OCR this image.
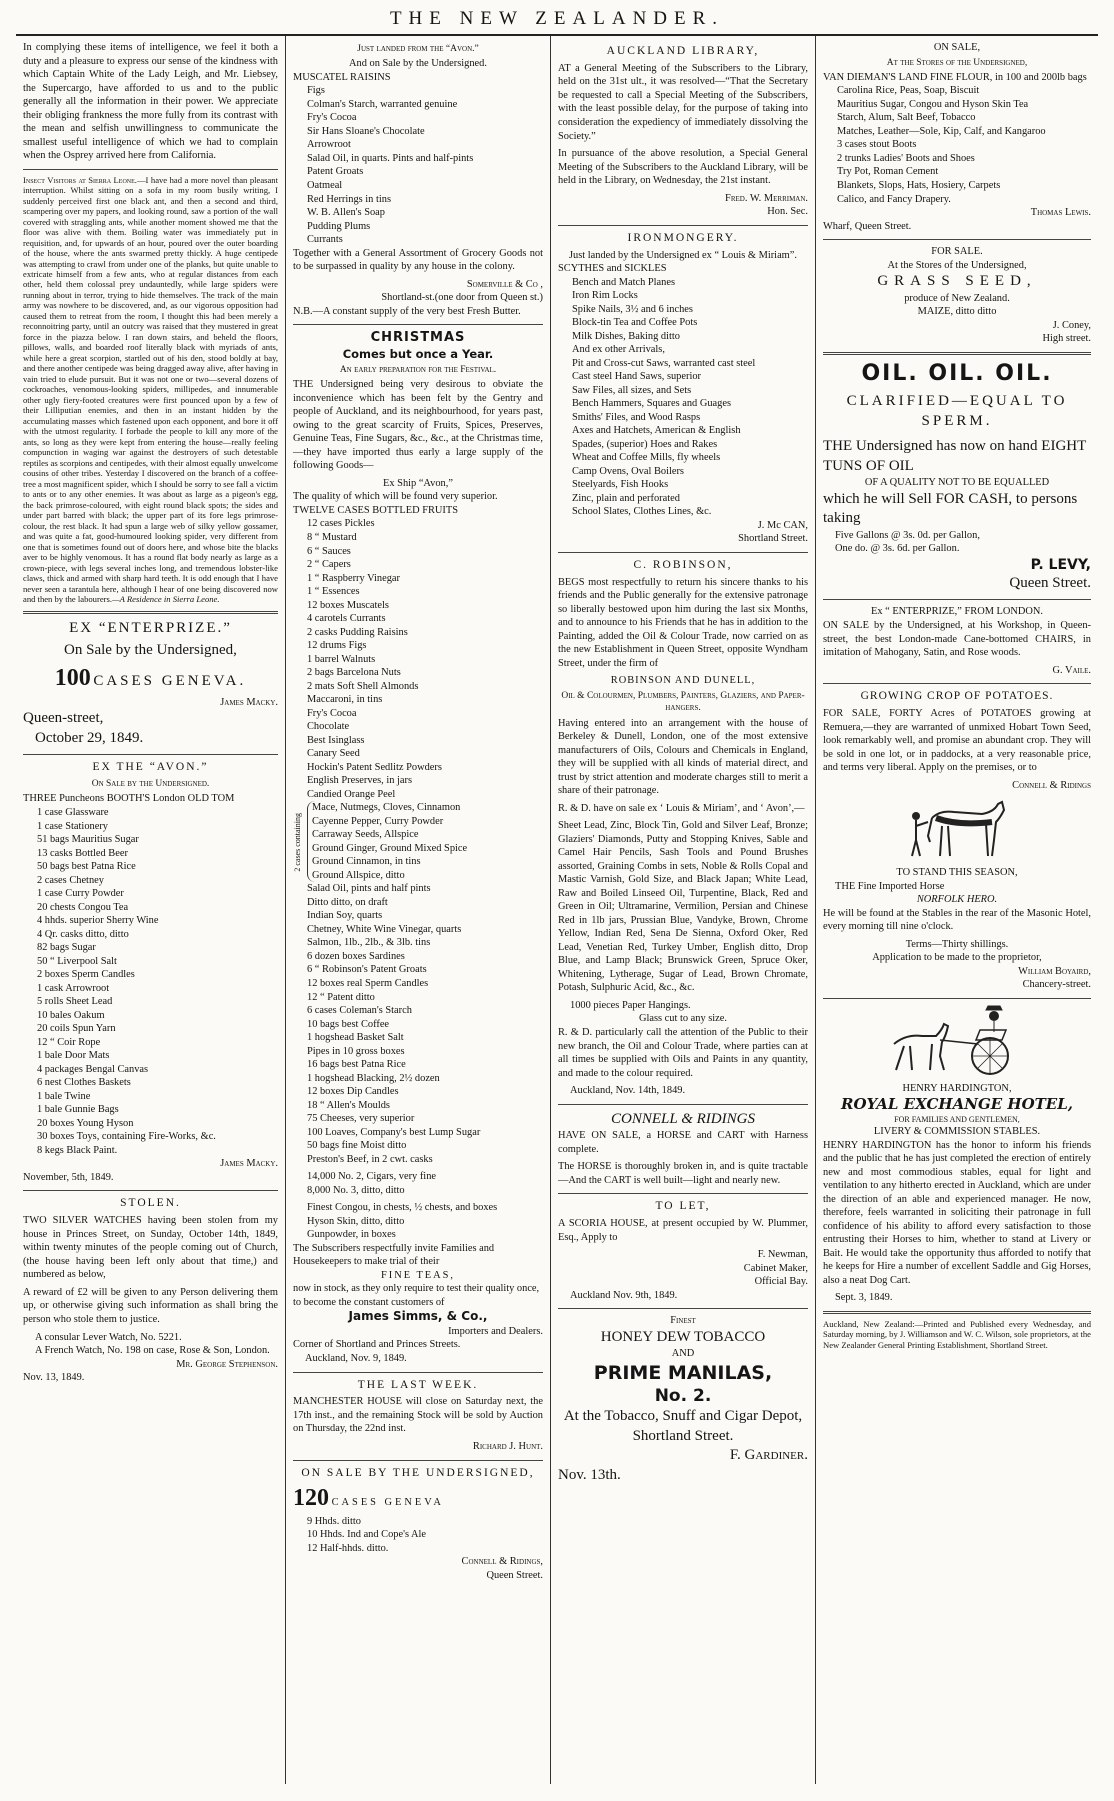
THE NEW ZEALANDER.

In complying these items of intelligence, we feel it both a duty and a pleasure to express our sense of the kindness with which Captain White of the Lady Leigh, and Mr. Liebsey, the Supercargo, have afforded to us and to the public generally all the information in their power. We appreciate their obliging frankness the more fully from its contrast with the mean and selfish unwillingness to communicate the smallest useful intelligence of which we had to complain when the Osprey arrived here from California.

Insect Visitors at Sierra Leone.—I have had a more novel than pleasant interruption. Whilst sitting on a sofa in my room busily writing, I suddenly perceived first one black ant, and then a second and third, scampering over my papers, and looking round, saw a portion of the wall covered with straggling ants, while another moment showed me that the floor was alive with them. Boiling water was immediately put in requisition, and, for upwards of an hour, poured over the outer boarding of the house, where the ants swarmed pretty thickly. A huge centipede was attempting to crawl from under one of the planks, but quite unable to extricate himself from a few ants, who at regular distances from each other, held them colossal prey undauntedly, while large spiders were running about in terror, trying to hide themselves. The track of the main army was nowhere to be discovered, and, as our vigorous opposition had caused them to retreat from the room, I thought this had been merely a reconnoitring party, until an outcry was raised that they mustered in great force in the piazza below. I ran down stairs, and beheld the floors, pillows, walls, and boarded roof literally black with myriads of ants, while here a great scorpion, startled out of his den, stood boldly at bay, and there another centipede was being dragged away alive, after having in vain tried to elude pursuit. But it was not one or two—several dozens of cockroaches, venomous-looking spiders, millipedes, and innumerable other ugly fiery-footed creatures were first pounced upon by a few of their Lilliputian enemies, and then in an instant hidden by the accumulating masses which fastened upon each opponent, and bore it off with the utmost regularity. I forbade the people to kill any more of the ants, so long as they were kept from entering the house—really feeling compunction in waging war against the destroyers of such detestable reptiles as scorpions and centipedes, with their almost equally unwelcome cousins of other tribes. Yesterday I discovered on the branch of a coffee-tree a most magnificent spider, which I should be sorry to see fall a victim to ants or to any other enemies. It was about as large as a pigeon's egg, the back primrose-coloured, with eight round black spots; the sides and under part barred with black; the upper part of its fore legs primrose-colour, the rest black. It had spun a large web of silky yellow gossamer, and was quite a fat, good-humoured looking spider, very different from one that is sometimes found out of doors here, and whose bite the blacks aver to be highly venomous. It has a round flat body nearly as large as a crown-piece, with legs several inches long, and tremendous lobster-like claws, thick and armed with sharp hard teeth. It is odd enough that I have never seen a tarantula here, although I hear of one being discovered now and then by the labourers.—A Residence in Sierra Leone.

EX “ENTERPRIZE.”
On Sale by the Undersigned,
100 CASES GENEVA.
James Macky.
Queen-street,
October 29, 1849.
EX THE “AVON.”
On Sale by the Undersigned.
THREE Puncheons BOOTH'S London OLD TOM
1 case Glassware
1 case Stationery
51 bags Mauritius Sugar
13 casks Bottled Beer
50 bags best Patna Rice
2 cases Chetney
1 case Curry Powder
20 chests Congou Tea
4 hhds. superior Sherry Wine
4 Qr. casks ditto, ditto
82 bags Sugar
50 “ Liverpool Salt
2 boxes Sperm Candles
1 cask Arrowroot
5 rolls Sheet Lead
10 bales Oakum
20 coils Spun Yarn
12 “ Coir Rope
1 bale Door Mats
4 packages Bengal Canvas
6 nest Clothes Baskets
1 bale Twine
1 bale Gunnie Bags
20 boxes Young Hyson
30 boxes Toys, containing Fire-Works, &c.
8 kegs Black Paint.
James Macky.
November, 5th, 1849.
STOLEN.

TWO SILVER WATCHES having been stolen from my house in Princes Street, on Sunday, October 14th, 1849, within twenty minutes of the people coming out of Church, (the house having been left only about that time,) and numbered as below,

A reward of £2 will be given to any Person delivering them up, or otherwise giving such information as shall bring the person who stole them to justice.

A consular Lever Watch, No. 5221.
A French Watch, No. 198 on case, Rose & Son, London.
Mr. George Stephenson.
Nov. 13, 1849.
Just landed from the “Avon.”
And on Sale by the Undersigned.
MUSCATEL RAISINS
Figs
Colman's Starch, warranted genuine
Fry's Cocoa
Sir Hans Sloane's Chocolate
Arrowroot
Salad Oil, in quarts. Pints and half-pints
Patent Groats
Oatmeal
Red Herrings in tins
W. B. Allen's Soap
Pudding Plums
Currants

Together with a General Assortment of Grocery Goods not to be surpassed in quality by any house in the colony.

Somerville & Co ,
Shortland-st.(one door from Queen st.)

N.B.—A constant supply of the very best Fresh Butter.

CHRISTMAS
Comes but once a Year.
An early preparation for the Festival.

THE Undersigned being very desirous to obviate the inconvenience which has been felt by the Gentry and people of Auckland, and its neighbourhood, for years past, owing to the great scarcity of Fruits, Spices, Preserves, Genuine Teas, Fine Sugars, &c., &c., at the Christmas time,—they have imported thus early a large supply of the following Goods—

Ex Ship “Avon,”
The quality of which will be found very superior.
TWELVE CASES BOTTLED FRUITS
12 cases Pickles
8 “ Mustard
6 “ Sauces
2 “ Capers
1 “ Raspberry Vinegar
1 “ Essences
12 boxes Muscatels
4 carotels Currants
2 casks Pudding Raisins
12 drums Figs
1 barrel Walnuts
2 bags Barcelona Nuts
2 mats Soft Shell Almonds
Maccaroni, in tins
Fry's Cocoa
Chocolate
Best Isinglass
Canary Seed
Hockin's Patent Sedlitz Powders
English Preserves, in jars
Candied Orange Peel
2 cases containing
Mace, Nutmegs, Cloves, Cinnamon
Cayenne Pepper, Curry Powder
Carraway Seeds, Allspice
Ground Ginger, Ground Mixed Spice
Ground Cinnamon, in tins
Ground Allspice, ditto
Salad Oil, pints and half pints
Ditto ditto, on draft
Indian Soy, quarts
Chetney, White Wine Vinegar, quarts
Salmon, 1lb., 2lb., & 3lb. tins
6 dozen boxes Sardines
6 “ Robinson's Patent Groats
12 boxes real Sperm Candles
12 “ Patent ditto
6 cases Coleman's Starch
10 bags best Coffee
1 hogshead Basket Salt
Pipes in 10 gross boxes
16 bags best Patna Rice
1 hogshead Blacking, 2½ dozen
12 boxes Dip Candles
18 “ Allen's Moulds
75 Cheeses, very superior
100 Loaves, Company's best Lump Sugar
50 bags fine Moist ditto
Preston's Beef, in 2 cwt. casks
14,000 No. 2, Cigars, very fine
8,000 No. 3, ditto, ditto
Finest Congou, in chests, ½ chests, and boxes
Hyson Skin, ditto, ditto
Gunpowder, in boxes
The Subscribers respectfully invite Families and Housekeepers to make trial of their
FINE TEAS,
now in stock, as they only require to test their quality once, to become the constant customers of
James Simms, & Co.,
Importers and Dealers.
Corner of Shortland and Princes Streets.
Auckland, Nov. 9, 1849.
THE LAST WEEK.

MANCHESTER HOUSE will close on Saturday next, the 17th inst., and the remaining Stock will be sold by Auction on Thursday, the 22nd inst.

Richard J. Hunt.
ON SALE BY THE UNDERSIGNED,
120 CASES GENEVA
9 Hhds. ditto
10 Hhds. Ind and Cope's Ale
12 Half-hhds. ditto.
Connell & Ridings,
Queen Street.
AUCKLAND LIBRARY,

AT a General Meeting of the Subscribers to the Library, held on the 31st ult., it was resolved—“That the Secretary be requested to call a Special Meeting of the Subscribers, with the least possible delay, for the purpose of taking into consideration the expediency of immediately dissolving the Society.”

In pursuance of the above resolution, a Special General Meeting of the Subscribers to the Auckland Library, will be held in the Library, on Wednesday, the 21st instant.

Fred. W. Merriman.
Hon. Sec.
IRONMONGERY.
Just landed by the Undersigned ex “ Louis & Miriam”.
SCYTHES and SICKLES
Bench and Match Planes
Iron Rim Locks
Spike Nails, 3½ and 6 inches
Block-tin Tea and Coffee Pots
Milk Dishes, Baking ditto
And ex other Arrivals,
Pit and Cross-cut Saws, warranted cast steel
Cast steel Hand Saws, superior
Saw Files, all sizes, and Sets
Bench Hammers, Squares and Guages
Smiths' Files, and Wood Rasps
Axes and Hatchets, American & English
Spades, (superior) Hoes and Rakes
Wheat and Coffee Mills, fly wheels
Camp Ovens, Oval Boilers
Steelyards, Fish Hooks
Zinc, plain and perforated
School Slates, Clothes Lines, &c.
J. Mc CAN,
Shortland Street.
C. ROBINSON,

BEGS most respectfully to return his sincere thanks to his friends and the Public generally for the extensive patronage so liberally bestowed upon him during the last six Months, and to announce to his Friends that he has in addition to the Painting, added the Oil & Colour Trade, now carried on as the new Establishment in Queen Street, opposite Wyndham Street, under the firm of

ROBINSON AND DUNELL,
Oil & Colourmen, Plumbers, Painters, Glaziers, and Paper-hangers.

Having entered into an arrangement with the house of Berkeley & Dunell, London, one of the most extensive manufacturers of Oils, Colours and Chemicals in England, they will be supplied with all kinds of material direct, and trust by strict attention and moderate charges still to merit a share of their patronage.

R. & D. have on sale ex ‘ Louis & Miriam’, and ‘ Avon’,—

Sheet Lead, Zinc, Block Tin, Gold and Silver Leaf, Bronze; Glaziers' Diamonds, Putty and Stopping Knives, Sable and Camel Hair Pencils, Sash Tools and Pound Brushes assorted, Graining Combs in sets, Noble & Rolls Copal and Mastic Varnish, Gold Size, and Black Japan; White Lead, Raw and Boiled Linseed Oil, Turpentine, Black, Red and Green in Oil; Ultramarine, Vermilion, Persian and Chinese Red in 1lb jars, Prussian Blue, Vandyke, Brown, Chrome Yellow, Indian Red, Sena De Sienna, Oxford Oker, Red Lead, Venetian Red, Turkey Umber, English ditto, Drop Blue, and Lamp Black; Brunswick Green, Spruce Oker, Whitening, Lytherage, Sugar of Lead, Brown Chromate, Potash, Sulphuric Acid, &c., &c.

1000 pieces Paper Hangings.
Glass cut to any size.

R. & D. particularly call the attention of the Public to their new branch, the Oil and Colour Trade, where parties can at all times be supplied with Oils and Paints in any quantity, and made to the colour required.

Auckland, Nov. 14th, 1849.
CONNELL & RIDINGS

HAVE ON SALE, a HORSE and CART with Harness complete.

The HORSE is thoroughly broken in, and is quite tractable—And the CART is well built—light and nearly new.

TO LET,

A SCORIA HOUSE, at present occupied by W. Plummer, Esq., Apply to

F. Newman,
Cabinet Maker,
Official Bay.
Auckland Nov. 9th, 1849.
Finest
HONEY DEW TOBACCO
AND
PRIME MANILAS,
No. 2.
At the Tobacco, Snuff and Cigar Depot, Shortland Street.
F. Gardiner.
Nov. 13th.
ON SALE,
At the Stores of the Undersigned,
VAN DIEMAN'S LAND FINE FLOUR, in 100 and 200lb bags
Carolina Rice, Peas, Soap, Biscuit
Mauritius Sugar, Congou and Hyson Skin Tea
Starch, Alum, Salt Beef, Tobacco
Matches, Leather—Sole, Kip, Calf, and Kangaroo
3 cases stout Boots
2 trunks Ladies' Boots and Shoes
Try Pot, Roman Cement
Blankets, Slops, Hats, Hosiery, Carpets
Calico, and Fancy Drapery.
Thomas Lewis.
Wharf, Queen Street.
FOR SALE.
At the Stores of the Undersigned,
GRASS SEED,
produce of New Zealand.
MAIZE, ditto ditto
J. Coney,
High street.
OIL. OIL. OIL.
CLARIFIED—EQUAL TO SPERM.
THE Undersigned has now on hand EIGHT TUNS OF OIL
OF A QUALITY NOT TO BE EQUALLED
which he will Sell FOR CASH, to persons taking
Five Gallons @ 3s. 0d. per Gallon,
One do. @ 3s. 6d. per Gallon.
P. LEVY,
Queen Street.
Ex “ ENTERPRIZE,” FROM LONDON.

ON SALE by the Undersigned, at his Workshop, in Queen-street, the best London-made Cane-bottomed CHAIRS, in imitation of Mahogany, Satin, and Rose woods.

G. Vaile.
GROWING CROP OF POTATOES.

FOR SALE, FORTY Acres of POTATOES growing at Remuera,—they are warranted of unmixed Hobart Town Seed, look remarkably well, and promise an abundant crop. They will be sold in one lot, or in paddocks, at a very reasonable price, and terms very liberal. Apply on the premises, or to

Connell & Ridings
TO STAND THIS SEASON,
THE Fine Imported Horse
NORFOLK HERO.

He will be found at the Stables in the rear of the Masonic Hotel, every morning till nine o'clock.

Terms—Thirty shillings.
Application to be made to the proprietor,
William Boyaird,
Chancery-street.
HENRY HARDINGTON,
ROYAL EXCHANGE HOTEL,
FOR FAMILIES AND GENTLEMEN,
LIVERY & COMMISSION STABLES.

HENRY HARDINGTON has the honor to inform his friends and the public that he has just completed the erection of entirely new and most commodious stables, equal for light and ventilation to any hitherto erected in Auckland, which are under the direction of an able and experienced manager. He now, therefore, feels warranted in soliciting their patronage in full confidence of his ability to afford every satisfaction to those entrusting their Horses to him, whether to stand at Livery or Bait. He would take the opportunity thus afforded to notify that he keeps for Hire a number of excellent Saddle and Gig Horses, also a neat Dog Cart.

Sept. 3, 1849.

Auckland, New Zealand:—Printed and Published every Wednesday, and Saturday morning, by J. Williamson and W. C. Wilson, sole proprietors, at the New Zealander General Printing Establishment, Shortland Street.
